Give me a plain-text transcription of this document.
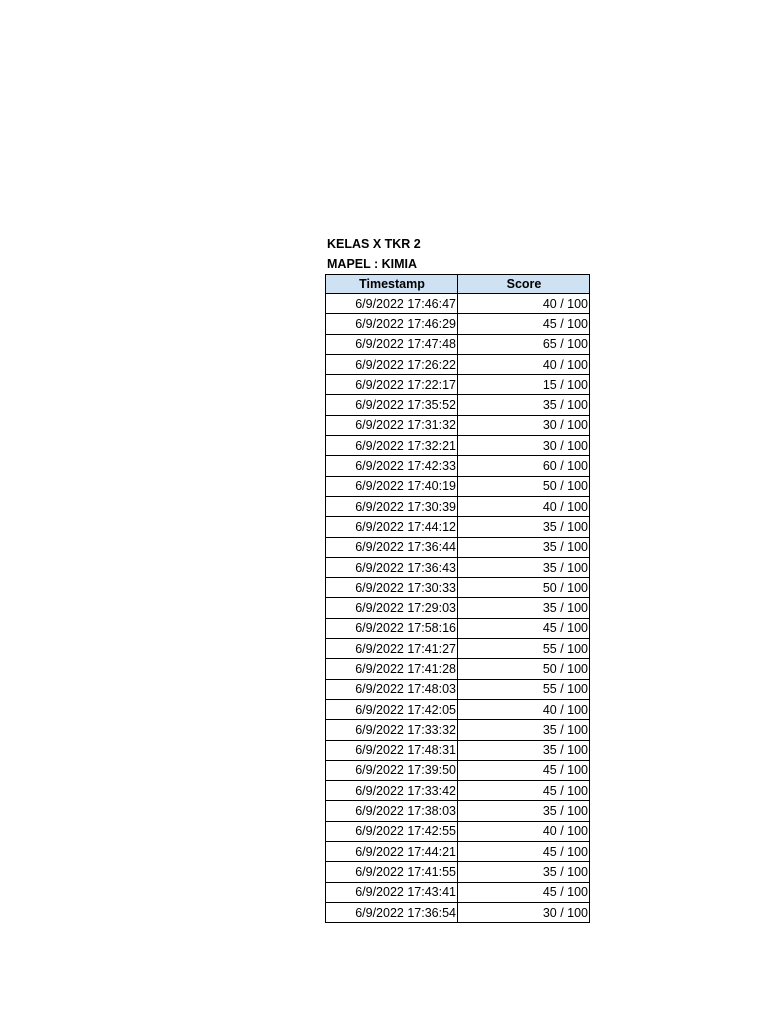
KELAS X TKR 2
MAPEL : KIMIA
Timestamp	Score
6/9/2022 17:46:47	40 / 100
6/9/2022 17:46:29	45 / 100
6/9/2022 17:47:48	65 / 100
6/9/2022 17:26:22	40 / 100
6/9/2022 17:22:17	15 / 100
6/9/2022 17:35:52	35 / 100
6/9/2022 17:31:32	30 / 100
6/9/2022 17:32:21	30 / 100
6/9/2022 17:42:33	60 / 100
6/9/2022 17:40:19	50 / 100
6/9/2022 17:30:39	40 / 100
6/9/2022 17:44:12	35 / 100
6/9/2022 17:36:44	35 / 100
6/9/2022 17:36:43	35 / 100
6/9/2022 17:30:33	50 / 100
6/9/2022 17:29:03	35 / 100
6/9/2022 17:58:16	45 / 100
6/9/2022 17:41:27	55 / 100
6/9/2022 17:41:28	50 / 100
6/9/2022 17:48:03	55 / 100
6/9/2022 17:42:05	40 / 100
6/9/2022 17:33:32	35 / 100
6/9/2022 17:48:31	35 / 100
6/9/2022 17:39:50	45 / 100
6/9/2022 17:33:42	45 / 100
6/9/2022 17:38:03	35 / 100
6/9/2022 17:42:55	40 / 100
6/9/2022 17:44:21	45 / 100
6/9/2022 17:41:55	35 / 100
6/9/2022 17:43:41	45 / 100
6/9/2022 17:36:54	30 / 100
